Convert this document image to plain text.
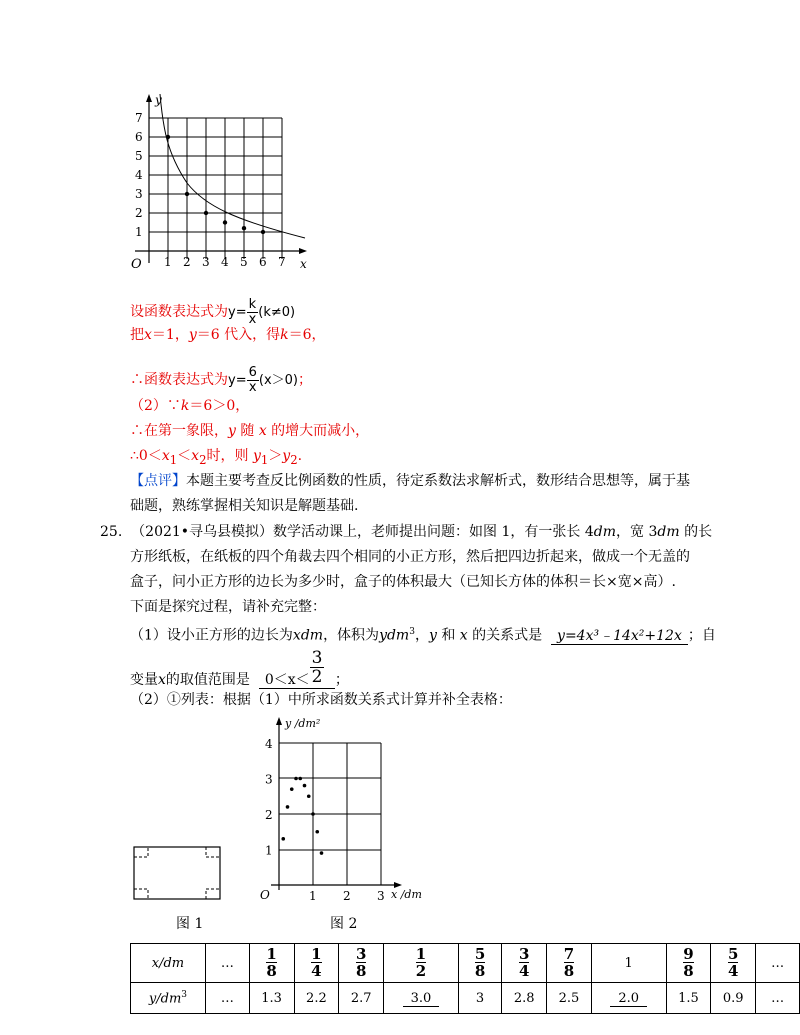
y
x
O
1
2
3
4
5
6
7
1 2 3 4 5 6 7
设函数表达式为$y= \frac{k}{x} (k\ne 0)$
把x＝1，y＝6 代入，得k＝6，
∴函数表达式为$y= \frac{6}{x} (x>0)$；
（2）∵k＝6＞0，
∴在第一象限，y 随 x 的增大而减小，
$\therefore 0<x_1<x_2$时，则 $y_1>y_2$.
【点评】本题主要考查反比例函数的性质，待定系数法求解析式，数形结合思想等，属于基
础题，熟练掌握相关知识是解题基础.
25. （2021•寻乌县模拟）数学活动课上，老师提出问题：如图 1，有一张长 4dm，宽 3dm 的长
方形纸板，在纸板的四个角裁去四个相同的小正方形，然后把四边折起来，做成一个无盖的
盒子，问小正方形的边长为多少时，盒子的体积最大（已知长方体的体积＝长×宽×高）.
下面是探究过程，请补充完整：
（1）设小正方形的边长为xdm，体积为ydm$^3$，y 和 x 的关系式是 y=4x³﹣14x²+12x ；自
变量x的取值范围是 $0<x< \frac{3}{2}$ ；
（2）①列表：根据（1）中所求函数关系式计算并补全表格：
图 1
y /dm²
x /dm
O
1
2
3
4
1 2 3
图 2
x/dm	…	$\frac{1}{8}$	$\frac{1}{4}$	$\frac{3}{8}$	$\frac{1}{2}$	$\frac{5}{8}$	$\frac{3}{4}$	$\frac{7}{8}$	1	$\frac{9}{8}$	$\frac{5}{4}$	…
$y/dm^3$	…	1.3	2.2	2.7	3.0	3	2.8	2.5	2.0	1.5	0.9	…
